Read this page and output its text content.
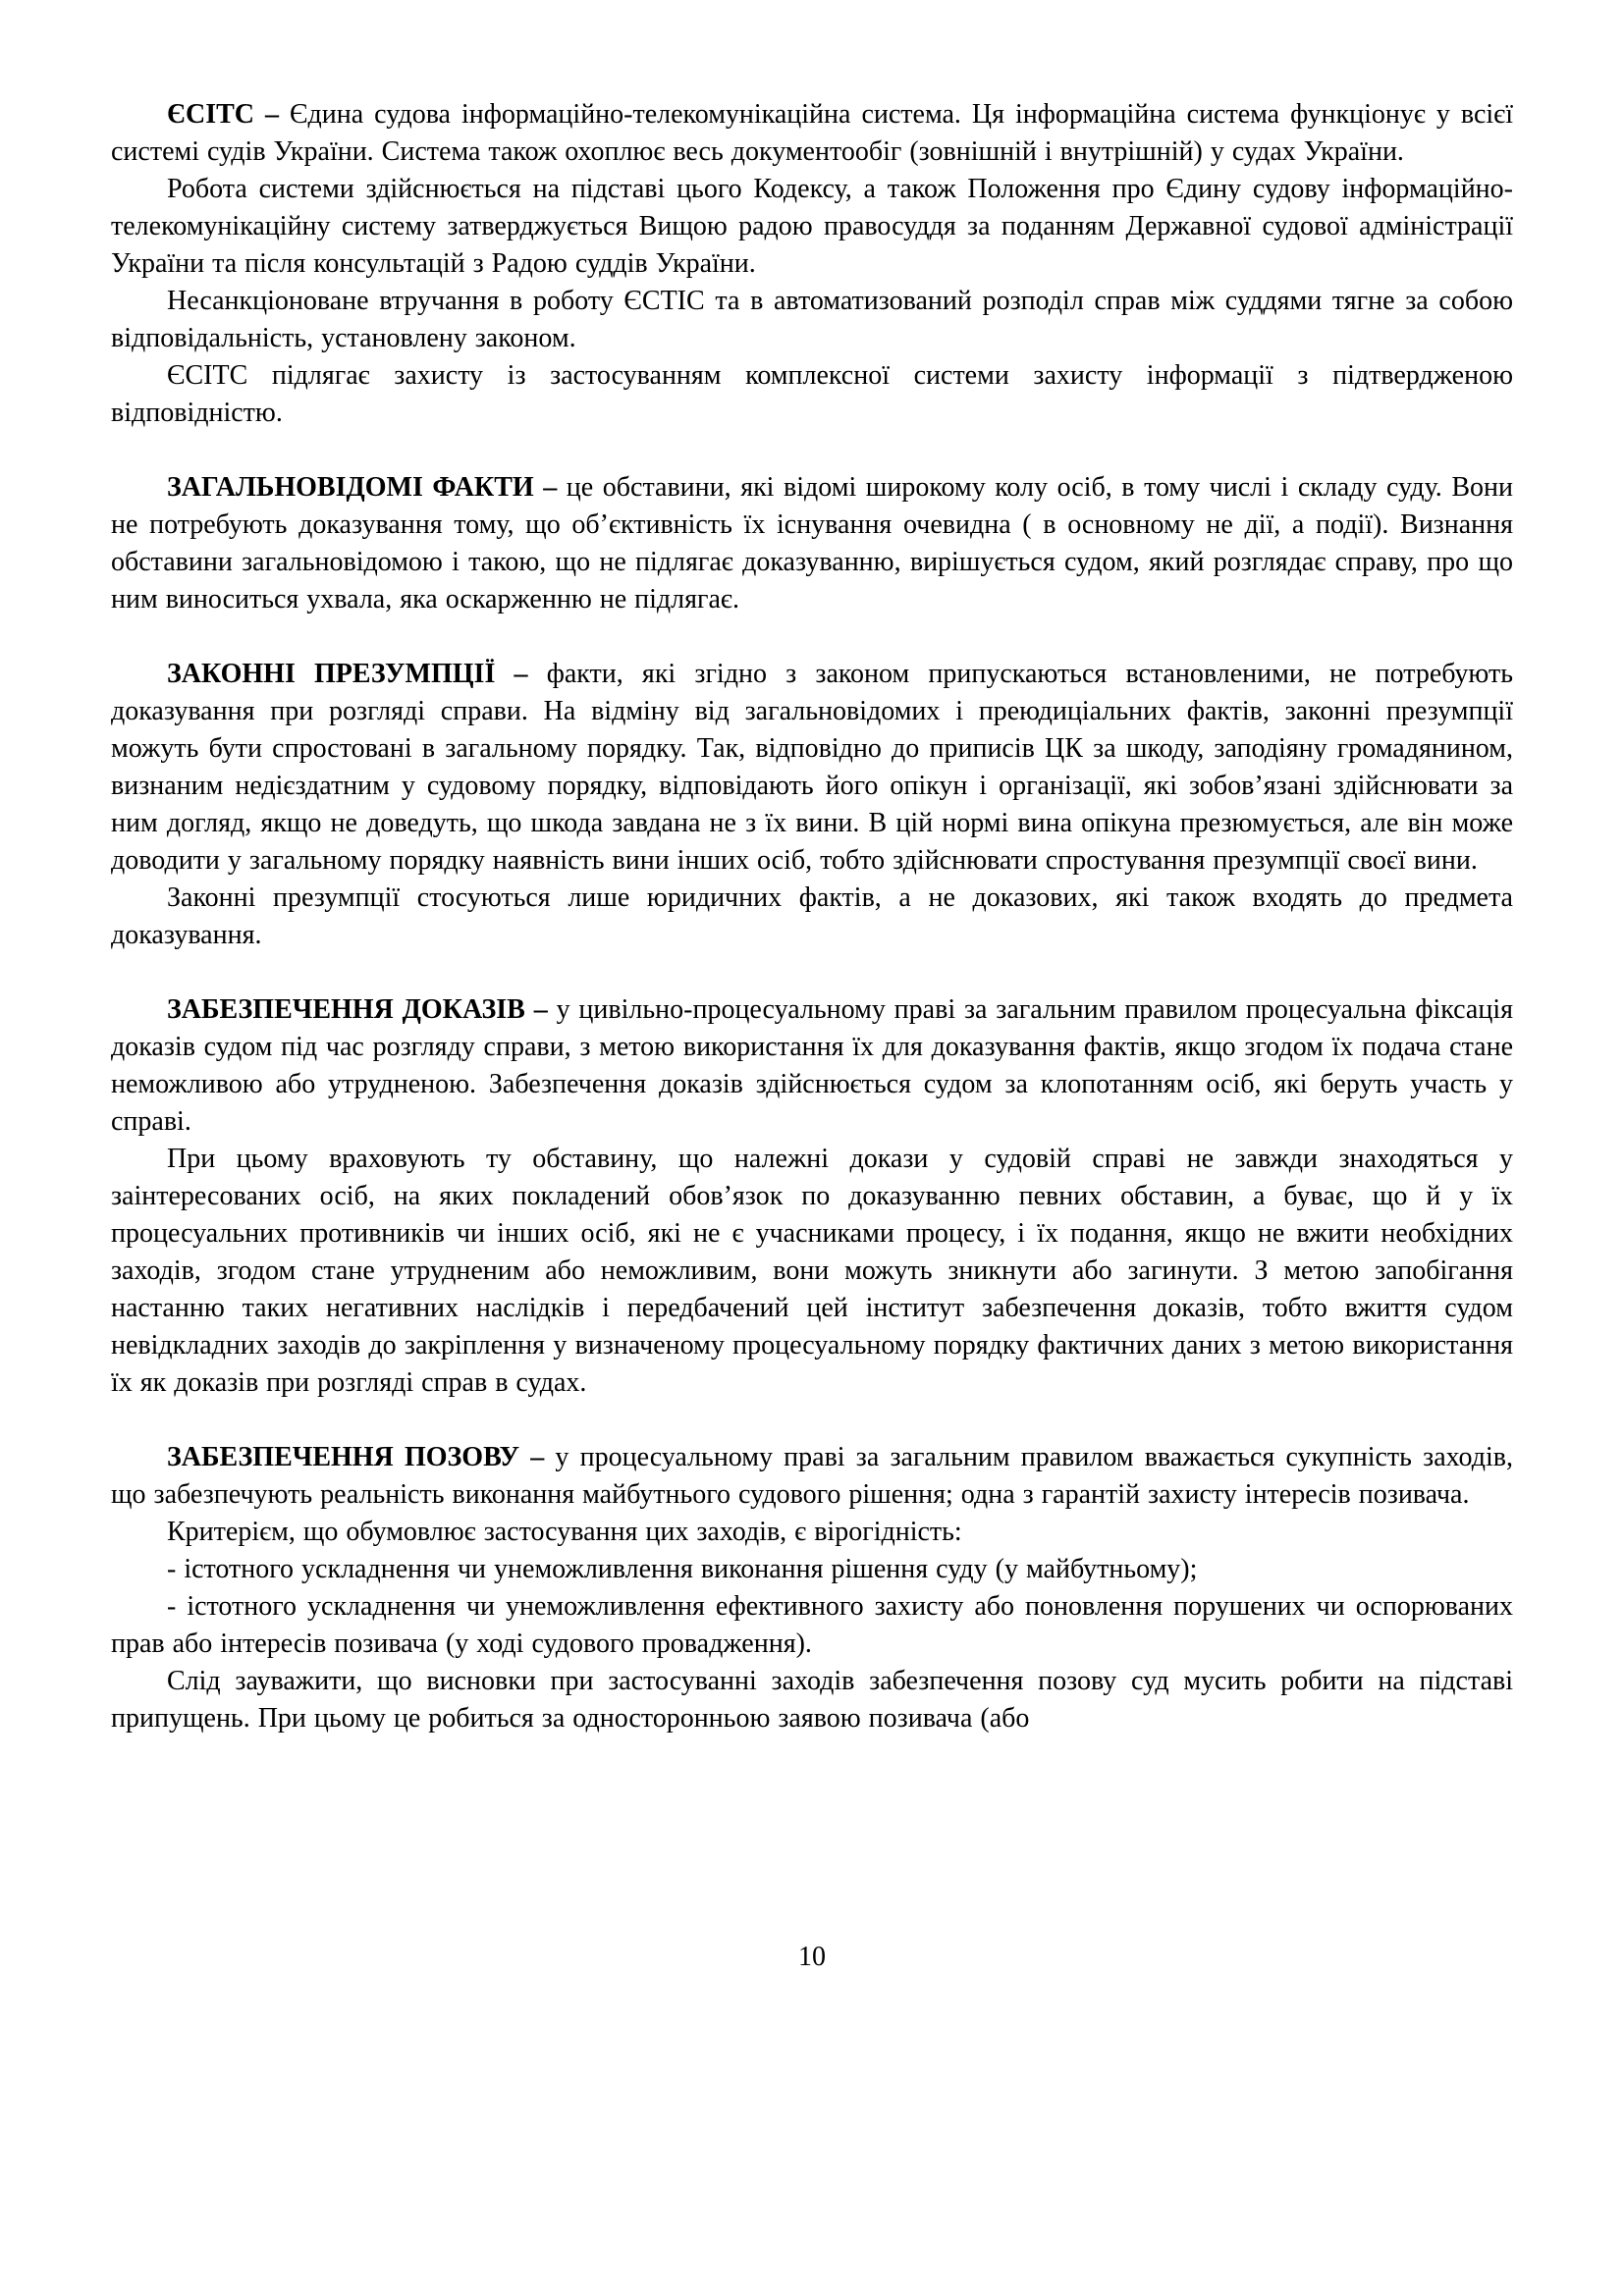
ЄСІТС – Єдина судова інформаційно-телекомунікаційна система. Ця інформаційна система функціонує у всієї системі судів України. Система також охоплює весь документообіг (зовнішній і внутрішній) у судах України.

Робота системи здійснюється на підставі цього Кодексу, а також Положення про Єдину судову інформаційно-телекомунікаційну систему затверджується Вищою радою правосуддя за поданням Державної судової адміністрації України та після консультацій з Радою суддів України.

Несанкціоноване втручання в роботу ЄСТІС та в автоматизований розподіл справ між суддями тягне за собою відповідальність, установлену законом.

ЄСІТС підлягає захисту із застосуванням комплексної системи захисту інформації з підтвердженою відповідністю.

ЗАГАЛЬНОВІДОМІ ФАКТИ – це обставини, які відомі широкому колу осіб, в тому числі і складу суду. Вони не потребують доказування тому, що об’єктивність їх існування очевидна ( в основному не дії, а події). Визнання обставини загальновідомою і такою, що не підлягає доказуванню, вирішується судом, який розглядає справу, про що ним виноситься ухвала, яка оскарженню не підлягає.

ЗАКОННІ ПРЕЗУМПЦІЇ – факти, які згідно з законом припускаються встановленими, не потребують доказування при розгляді справи. На відміну від загальновідомих і преюдиціальних фактів, законні презумпції можуть бути спростовані в загальному порядку. Так, відповідно до приписів ЦК за шкоду, заподіяну громадянином, визнаним недієздатним у судовому порядку, відповідають його опікун і організації, які зобов’язані здійснювати за ним догляд, якщо не доведуть, що шкода завдана не з їх вини. В цій нормі вина опікуна презюмується, але він може доводити у загальному порядку наявність вини інших осіб, тобто здійснювати спростування презумпції своєї вини.

Законні презумпції стосуються лише юридичних фактів, а не доказових, які також входять до предмета доказування.

ЗАБЕЗПЕЧЕННЯ ДОКАЗІВ – у цивільно-процесуальному праві за загальним правилом процесуальна фіксація доказів судом під час розгляду справи, з метою використання їх для доказування фактів, якщо згодом їх подача стане неможливою або утрудненою. Забезпечення доказів здійснюється судом за клопотанням осіб, які беруть участь у справі.

При цьому враховують ту обставину, що належні докази у судовій справі не завжди знаходяться у заінтересованих осіб, на яких покладений обов’язок по доказуванню певних обставин, а буває, що й у їх процесуальних противників чи інших осіб, які не є учасниками процесу, і їх подання, якщо не вжити необхідних заходів, згодом стане утрудненим або неможливим, вони можуть зникнути або загинути. З метою запобігання настанню таких негативних наслідків і передбачений цей інститут забезпечення доказів, тобто вжиття судом невідкладних заходів до закріплення у визначеному процесуальному порядку фактичних даних з метою використання їх як доказів при розгляді справ в судах.

ЗАБЕЗПЕЧЕННЯ ПОЗОВУ – у процесуальному праві за загальним правилом вважається сукупність заходів, що забезпечують реальність виконання майбутнього судового рішення; одна з гарантій захисту інтересів позивача.

Критерієм, що обумовлює застосування цих заходів, є вірогідність:

- істотного ускладнення чи унеможливлення виконання рішення суду (у майбутньому);

- істотного ускладнення чи унеможливлення ефективного захисту або поновлення порушених чи оспорюваних прав або інтересів позивача (у ході судового провадження).

Слід зауважити, що висновки при застосуванні заходів забезпечення позову суд мусить робити на підставі припущень. При цьому це робиться за односторонньою заявою позивача (або

10
